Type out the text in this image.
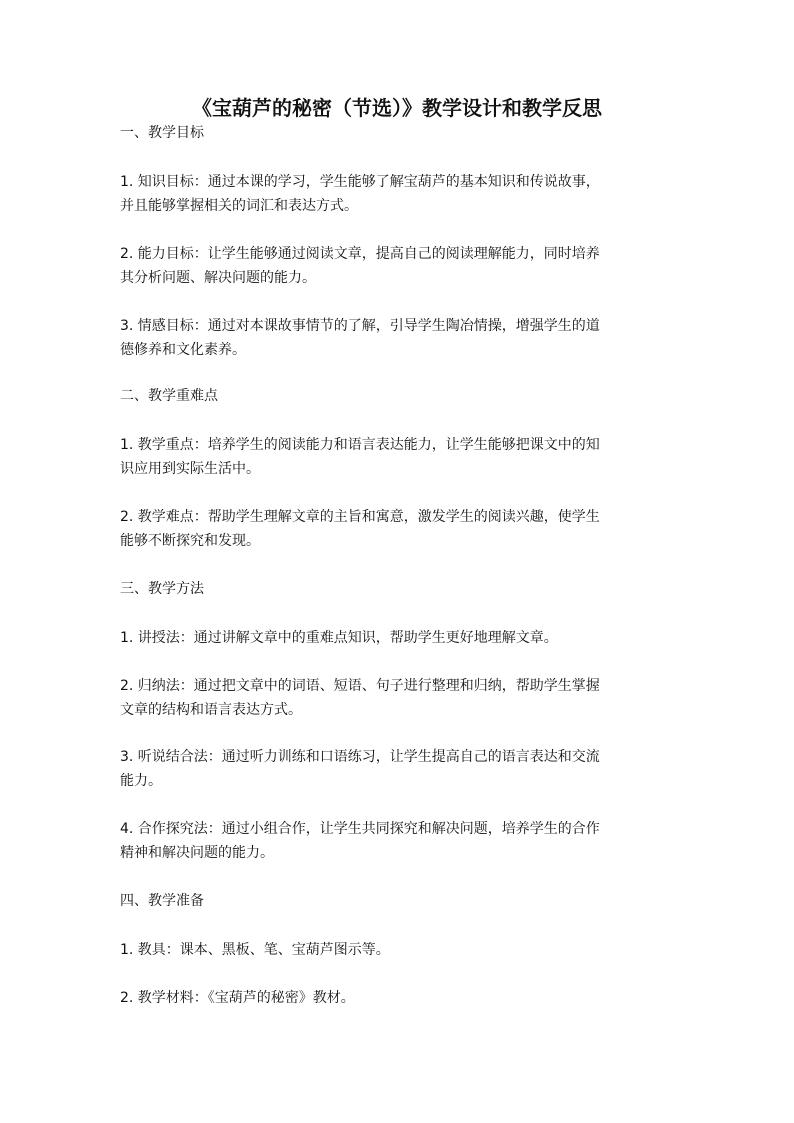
《宝葫芦的秘密（节选）》教学设计和教学反思
一、教学目标
1. 知识目标：通过本课的学习，学生能够了解宝葫芦的基本知识和传说故事，
并且能够掌握相关的词汇和表达方式。
2. 能力目标：让学生能够通过阅读文章，提高自己的阅读理解能力，同时培养
其分析问题、解决问题的能力。
3. 情感目标：通过对本课故事情节的了解，引导学生陶冶情操，增强学生的道
德修养和文化素养。
二、教学重难点
1. 教学重点：培养学生的阅读能力和语言表达能力，让学生能够把课文中的知
识应用到实际生活中。
2. 教学难点：帮助学生理解文章的主旨和寓意，激发学生的阅读兴趣，使学生
能够不断探究和发现。
三、教学方法
1. 讲授法：通过讲解文章中的重难点知识，帮助学生更好地理解文章。
2. 归纳法：通过把文章中的词语、短语、句子进行整理和归纳，帮助学生掌握
文章的结构和语言表达方式。
3. 听说结合法：通过听力训练和口语练习，让学生提高自己的语言表达和交流
能力。
4. 合作探究法：通过小组合作，让学生共同探究和解决问题，培养学生的合作
精神和解决问题的能力。
四、教学准备
1. 教具：课本、黑板、笔、宝葫芦图示等。
2. 教学材料：《宝葫芦的秘密》教材。
